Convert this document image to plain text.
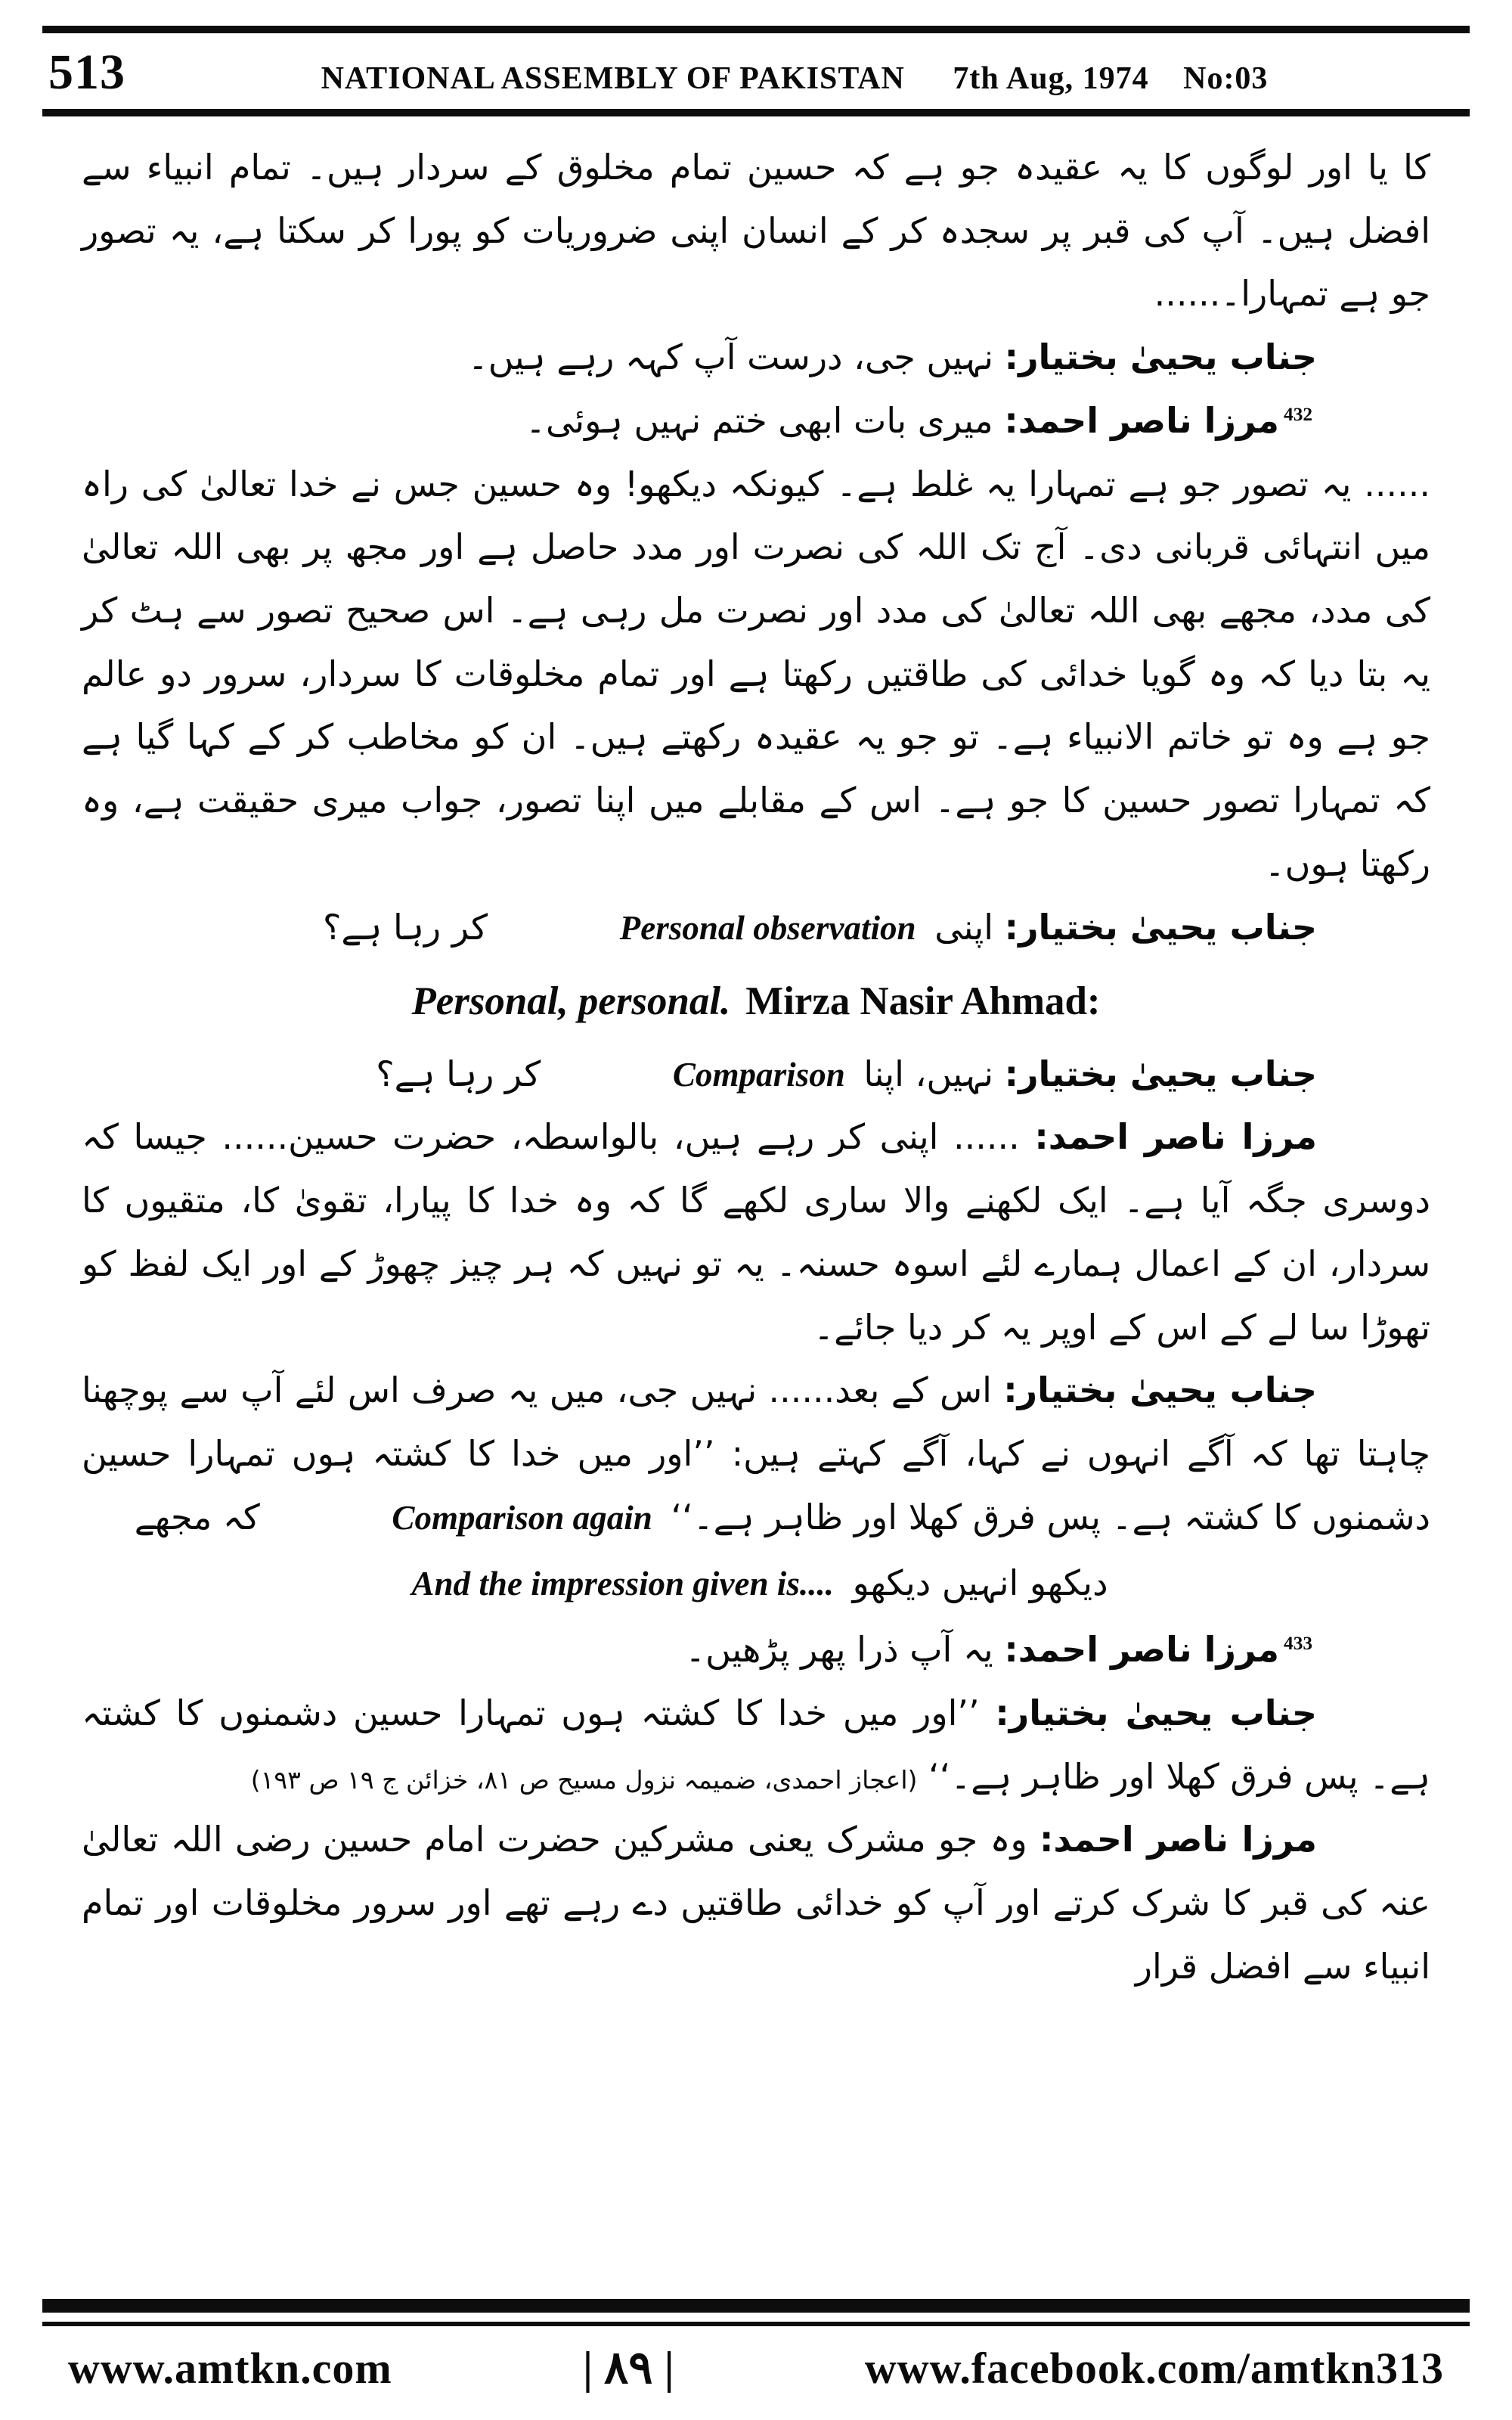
513	NATIONAL ASSEMBLY OF PAKISTAN 7th Aug, 1974 No:03

کا یا اور لوگوں کا یہ عقیدہ جو ہے کہ حسین تمام مخلوق کے سردار ہیں۔ تمام انبیاء سے افضل ہیں۔ آپ کی قبر پر سجدہ کر کے انسان اپنی ضروریات کو پورا کر سکتا ہے، یہ تصور جو ہے تمہارا۔......

جناب یحییٰ بختیار: نہیں جی، درست آپ کہہ رہے ہیں۔

$^{432}$مرزا ناصر احمد: میری بات ابھی ختم نہیں ہوئی۔

...... یہ تصور جو ہے تمہارا یہ غلط ہے۔ کیونکہ دیکھو! وہ حسین جس نے خدا تعالیٰ کی راہ میں انتہائی قربانی دی۔ آج تک اللہ کی نصرت اور مدد حاصل ہے اور مجھ پر بھی اللہ تعالیٰ کی مدد، مجھے بھی اللہ تعالیٰ کی مدد اور نصرت مل رہی ہے۔ اس صحیح تصور سے ہٹ کر یہ بتا دیا کہ وہ گویا خدائی کی طاقتیں رکھتا ہے اور تمام مخلوقات کا سردار، سرور دو عالم جو ہے وہ تو خاتم الانبیاء ہے۔ تو جو یہ عقیدہ رکھتے ہیں۔ ان کو مخاطب کر کے کہا گیا ہے کہ تمہارا تصور حسین کا جو ہے۔ اس کے مقابلے میں اپنا تصور، جواب میری حقیقت ہے، وہ رکھتا ہوں۔

جناب یحییٰ بختیار: اپنی Personal observation کر رہا ہے؟

Mirza Nasir Ahmad:Personal, personal.

جناب یحییٰ بختیار: نہیں، اپنا Comparison کر رہا ہے؟

مرزا ناصر احمد: ...... اپنی کر رہے ہیں، بالواسطہ، حضرت حسین...... جیسا کہ دوسری جگہ آیا ہے۔ ایک لکھنے والا ساری لکھے گا کہ وہ خدا کا پیارا، تقویٰ کا، متقیوں کا سردار، ان کے اعمال ہمارے لئے اسوہ حسنہ۔ یہ تو نہیں کہ ہر چیز چھوڑ کے اور ایک لفظ کو تھوڑا سا لے کے اس کے اوپر یہ کر دیا جائے۔

جناب یحییٰ بختیار: اس کے بعد...... نہیں جی، میں یہ صرف اس لئے آپ سے پوچھنا چاہتا تھا کہ آگے انہوں نے کہا، آگے کہتے ہیں: ’’اور میں خدا کا کشتہ ہوں تمہارا حسین دشمنوں کا کشتہ ہے۔ پس فرق کھلا اور ظاہر ہے۔‘‘ Comparison again کہ مجھے

دیکھو انہیں دیکھو And the impression given is....

$^{433}$مرزا ناصر احمد: یہ آپ ذرا پھر پڑھیں۔

جناب یحییٰ بختیار: ’’اور میں خدا کا کشتہ ہوں تمہارا حسین دشمنوں کا کشتہ ہے۔ پس فرق کھلا اور ظاہر ہے۔‘‘ (اعجاز احمدی، ضمیمہ نزول مسیح ص ۸۱، خزائن ج ۱۹ ص ۱۹۳)

مرزا ناصر احمد: وہ جو مشرک یعنی مشرکین حضرت امام حسین رضی اللہ تعالیٰ عنہ کی قبر کا شرک کرتے اور آپ کو خدائی طاقتیں دے رہے تھے اور سرور مخلوقات اور تمام انبیاء سے افضل قرار

www.amtkn.com	| ۸۹ |	www.facebook.com/amtkn313
